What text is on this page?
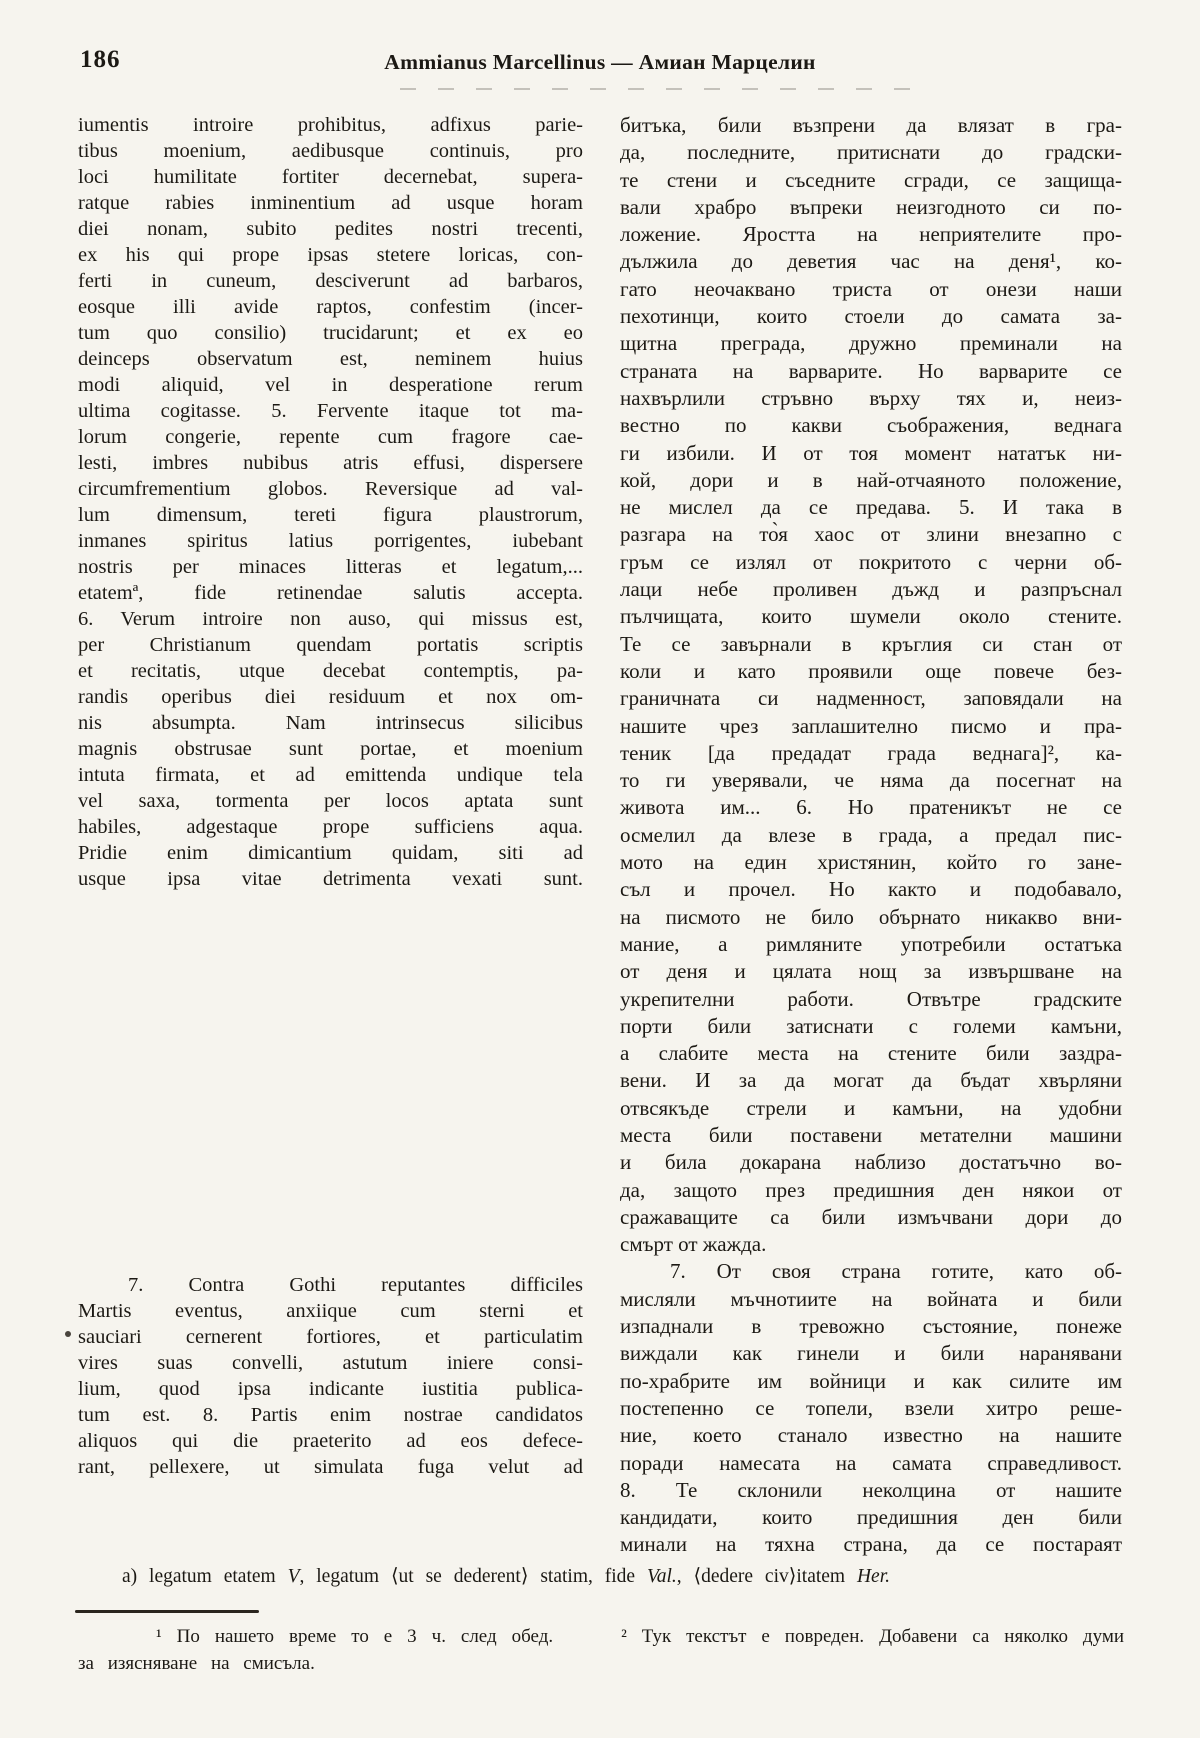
186	Ammianus Marcellinus — Амиан Марцелин
iumentis introire prohibitus, adfixus parie-
tibus moenium, aedibusque continuis, pro
loci humilitate fortiter decernebat, supera-
ratque rabies inminentium ad usque horam
diei nonam, subito pedites nostri trecenti,
ex his qui prope ipsas stetere loricas, con-
ferti in cuneum, desciverunt ad barbaros,
eosque illi avide raptos, confestim (incer-
tum quo consilio) trucidarunt; et ex eo
deinceps observatum est, neminem huius
modi aliquid, vel in desperatione rerum
ultima cogitasse. 5. Fervente itaque tot ma-
lorum congerie, repente cum fragore cae-
lesti, imbres nubibus atris effusi, dispersere
circumfrementium globos. Reversique ad val-
lum dimensum, tereti figura plaustrorum,
inmanes spiritus latius porrigentes, iubebant
nostris per minaces litteras et legatum,...
etatemª, fide retinendae salutis accepta.
6. Verum introire non auso, qui missus est,
per Christianum quendam portatis scriptis
et recitatis, utque decebat contemptis, pa-
randis operibus diei residuum et nox om-
nis absumpta. Nam intrinsecus silicibus
magnis obstrusae sunt portae, et moenium
intuta firmata, et ad emittenda undique tela
vel saxa, tormenta per locos aptata sunt
habiles, adgestaque prope sufficiens aqua.
Pridie enim dimicantium quidam, siti ad
usque ipsa vitae detrimenta vexati sunt.
7. Contra Gothi reputantes difficiles
Martis eventus, anxiique cum sterni et
sauciari cernerent fortiores, et particulatim
vires suas convelli, astutum iniere consi-
lium, quod ipsa indicante iustitia publica-
tum est. 8. Partis enim nostrae candidatos
aliquos qui die praeterito ad eos defece-
rant, pellexere, ut simulata fuga velut ad
битъка, били възпрени да влязат в гра-
да, последните, притиснати до градски-
те стени и съседните сгради, се защища-
вали храбро въпреки неизгодното си по-
ложение. Яростта на неприятелите про-
дължила до деветия час на деня¹, ко-
гато неочаквано триста от онези наши
пехотинци, които стоели до самата за-
щитна преграда, дружно преминали на
страната на варварите. Но варварите се
нахвърлили стръвно върху тях и, неиз-
вестно по какви съображения, веднага
ги избили. И от тоя момент нататък ни-
кой, дори и в най-отчаяното положение,
не мислел да се предава. 5. И така в
разгара на то̀я хаос от злини внезапно с
гръм се излял от покритото с черни об-
лаци небе проливен дъжд и разпръснал
пълчищата, които шумели около стените.
Те се завърнали в кръглия си стан от
коли и като проявили още повече без-
граничната си надменност, заповядали на
нашите чрез заплашително писмо и пра-
теник [да предадат града веднага]², ка-
то ги уверявали, че няма да посегнат на
живота им... 6. Но пратеникът не се
осмелил да влезе в града, а предал пис-
мото на един христянин, който го зане-
съл и прочел. Но както и подобавало,
на писмото не било обърнато никакво вни-
мание, а римляните употребили остатъка
от деня и цялата нощ за извършване на
укрепителни работи. Отвътре градските
порти били затиснати с големи камъни,
а слабите места на стените били заздра-
вени. И за да могат да бъдат хвърляни
отвсякъде стрели и камъни, на удобни
места били поставени метателни машини
и била докарана наблизо достатъчно во-
да, защото през предишния ден някои от
сражаващите са били измъчвани дори до
смърт от жажда.
7. От своя страна готите, като об-
мисляли мъчнотиите на войната и били
изпаднали в тревожно състояние, понеже
виждали как гинели и били наранявани
по-храбрите им войници и как силите им
постепенно се топели, взели хитро реше-
ние, което станало известно на нашите
поради намесата на самата справедливост.
8. Те склонили неколцина от нашите
кандидати, които предишния ден били
минали на тяхна страна, да се постараят

a) legatum etatem V, legatum ⟨ut se dederent⟩ statim, fide Val., ⟨dedere civ⟩itatem Her.

¹ По нашето време то е 3 ч. след обед.	² Тук текстът е повреден. Добавени са няколко думи за изясняване на смисъла.
